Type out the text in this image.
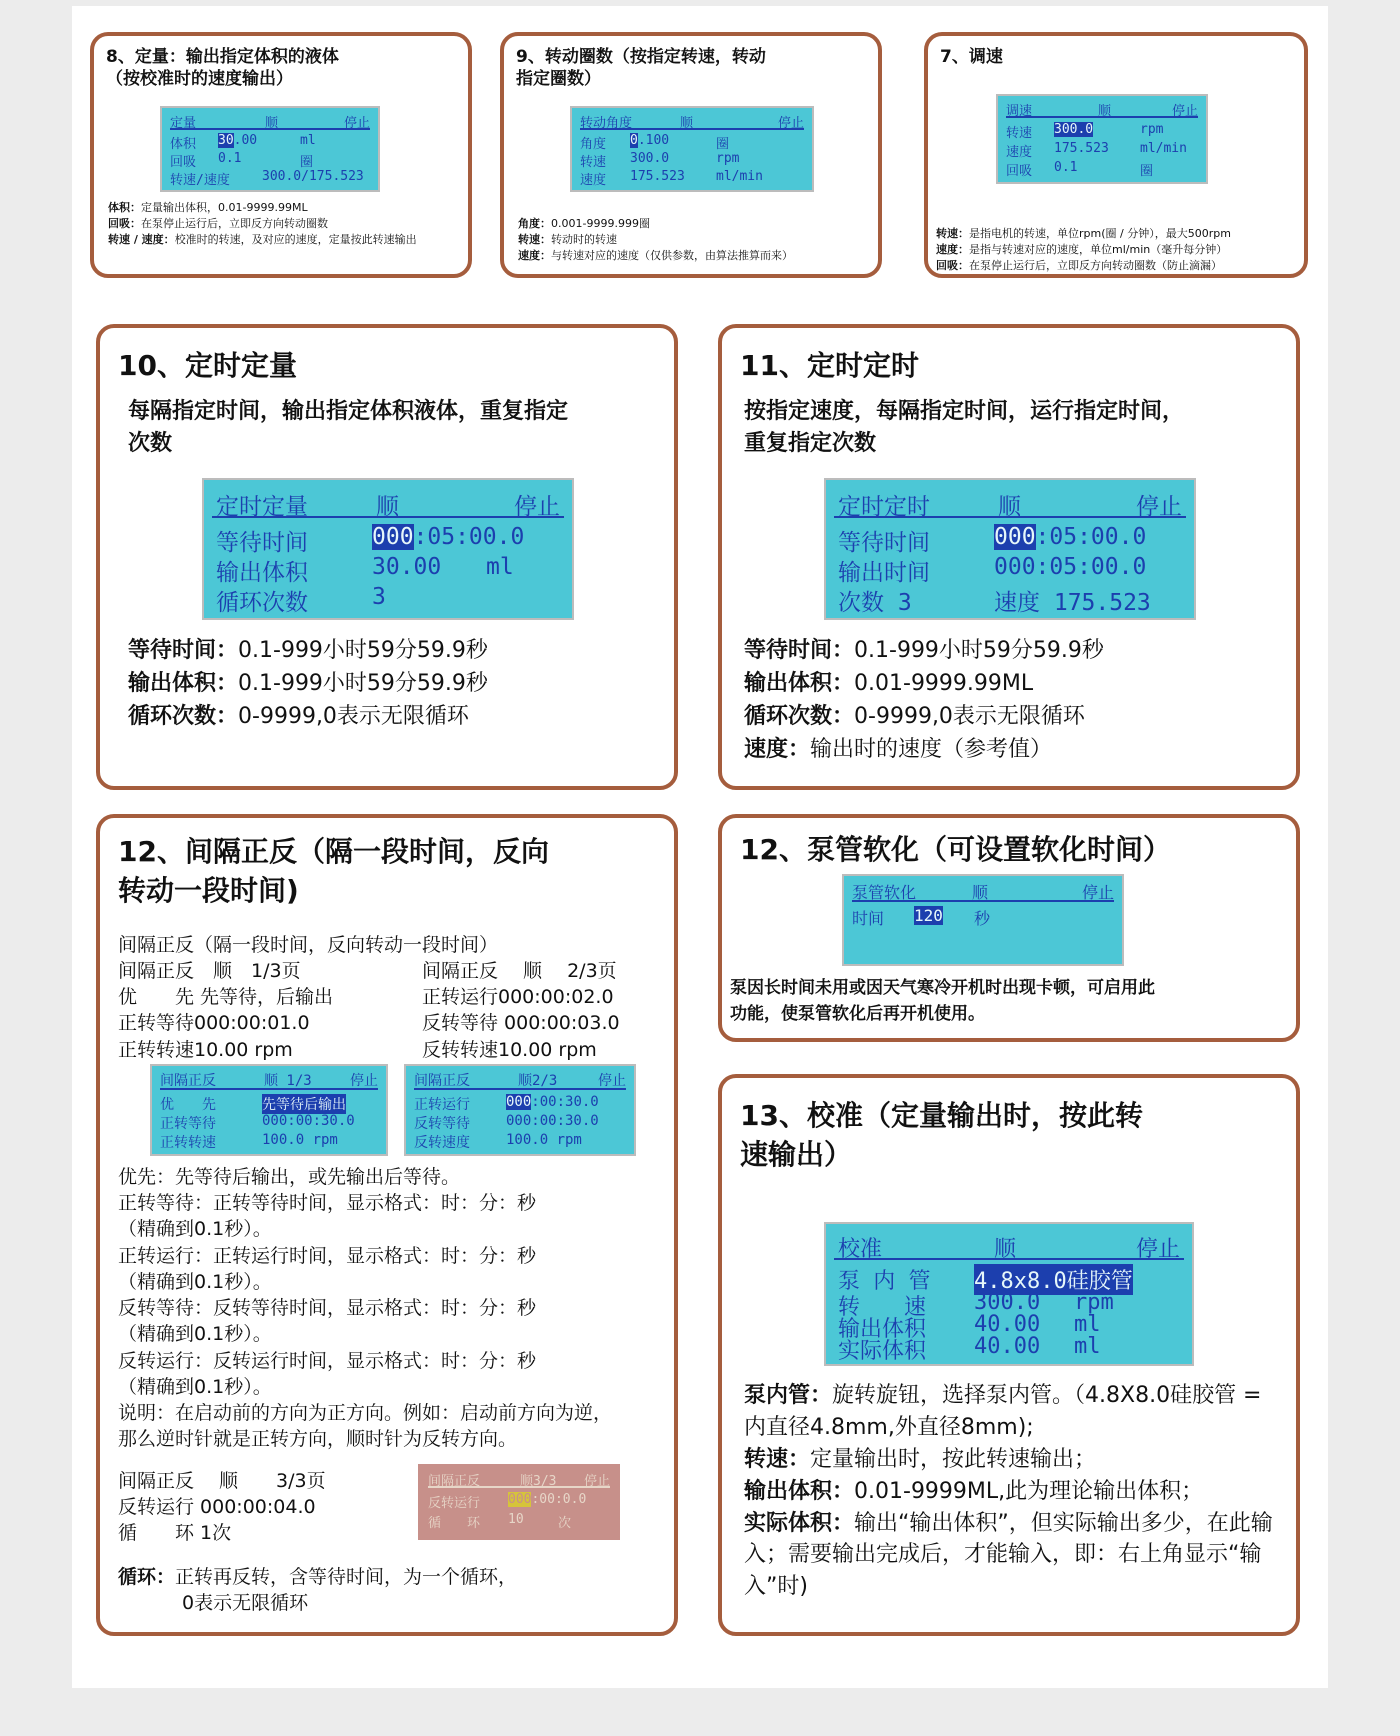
8、定量：输出指定体积的液体
（按校准时的速度输出）
定量	顺	停止
体积 30.00	ml
回吸 0.1	圈
转速/速度 300.0/175.523
体积：定量输出体积，0.01-9999.99ML
回吸：在泵停止运行后，立即反方向转动圈数
转速 / 速度：校准时的转速，及对应的速度，定量按此转速输出
9、转动圈数（按指定转速，转动
指定圈数）
转动角度	顺	停止
角度 0.100	圈
转速 300.0	rpm
速度 175.523 ml/min
角度：0.001-9999.999圈
转速：转动时的转速
速度：与转速对应的速度（仅供参数，由算法推算而来）
7、调速
调速	顺	停止
转速 300.0	rpm
速度 175.523 ml/min
回吸 0.1	圈
转速：是指电机的转速，单位rpm(圈 / 分钟），最大500rpm
速度：是指与转速对应的速度，单位ml/min（毫升每分钟）
回吸：在泵停止运行后，立即反方向转动圈数（防止滴漏）
10、定时定量
每隔指定时间，输出指定体积液体，重复指定
次数
定时定量	顺	停止
等待时间	000:05:00.0
输出体积	30.00 ml
循环次数	3
等待时间：0.1-999小时59分59.9秒
输出体积：0.1-999小时59分59.9秒
循环次数：0-9999,0表示无限循环
11、定时定时
按指定速度，每隔指定时间，运行指定时间，
重复指定次数
定时定时	顺	停止
等待时间	000:05:00.0
输出时间	000:05:00.0
次数 3	速度 175.523
等待时间：0.1-999小时59分59.9秒
输出体积：0.01-9999.99ML
循环次数：0-9999,0表示无限循环
速度：输出时的速度（参考值）
12、间隔正反（隔一段时间，反向
转动一段时间)
间隔正反（隔一段时间，反向转动一段时间）
间隔正反　顺　1/3页
优　　先 先等待，后输出
正转等待000:00:01.0
正转转速10.00 rpm
间隔正反　 顺　 2/3页
正转运行000:00:02.0
反转等待 000:00:03.0
反转转速10.00 rpm
间隔正反	顺 1/3	停止
优　　先	先等待后输出
正转等待	000:00:30.0
正转转速	100.0 rpm
间隔正反	顺2/3	停止
正转运行	000:00:30.0
反转等待	000:00:30.0
反转速度	100.0 rpm
优先：先等待后输出，或先输出后等待。
正转等待：正转等待时间，显示格式：时：分：秒
（精确到0.1秒）。
正转运行：正转运行时间，显示格式：时：分：秒
（精确到0.1秒）。
反转等待：反转等待时间，显示格式：时：分：秒
（精确到0.1秒）。
反转运行：反转运行时间，显示格式：时：分：秒
（精确到0.1秒）。
说明：在启动前的方向为正方向。例如：启动前方向为逆，
那么逆时针就是正转方向，顺时针为反转方向。
间隔正反　 顺　　3/3页
反转运行 000:00:04.0
循　　环 1次
间隔正反	顺3/3 停止
反转运行 000:00:0.0
循　　环 10	次
循环：正转再反转，含等待时间，为一个循环，
0表示无限循环
12、泵管软化（可设置软化时间）
泵管软化	顺	停止
时间 120 秒
泵因长时间未用或因天气寒冷开机时出现卡顿，可启用此
功能，使泵管软化后再开机使用。
13、校准（定量输出时，按此转
速输出）
校准	顺	停止
泵 内 管 4.8x8.0硅胶管
转　　速 300.0 rpm
输出体积 40.00 ml
实际体积 40.00 ml
泵内管：旋转旋钮，选择泵内管。（4.8X8.0硅胶管 = 内直径4.8mm,外直径8mm);
转速：定量输出时，按此转速输出；
输出体积：0.01-9999ML,此为理论输出体积；
实际体积：输出“输出体积”，但实际输出多少，在此输入；需要输出完成后，才能输入，即：右上角显示“输入”时)
